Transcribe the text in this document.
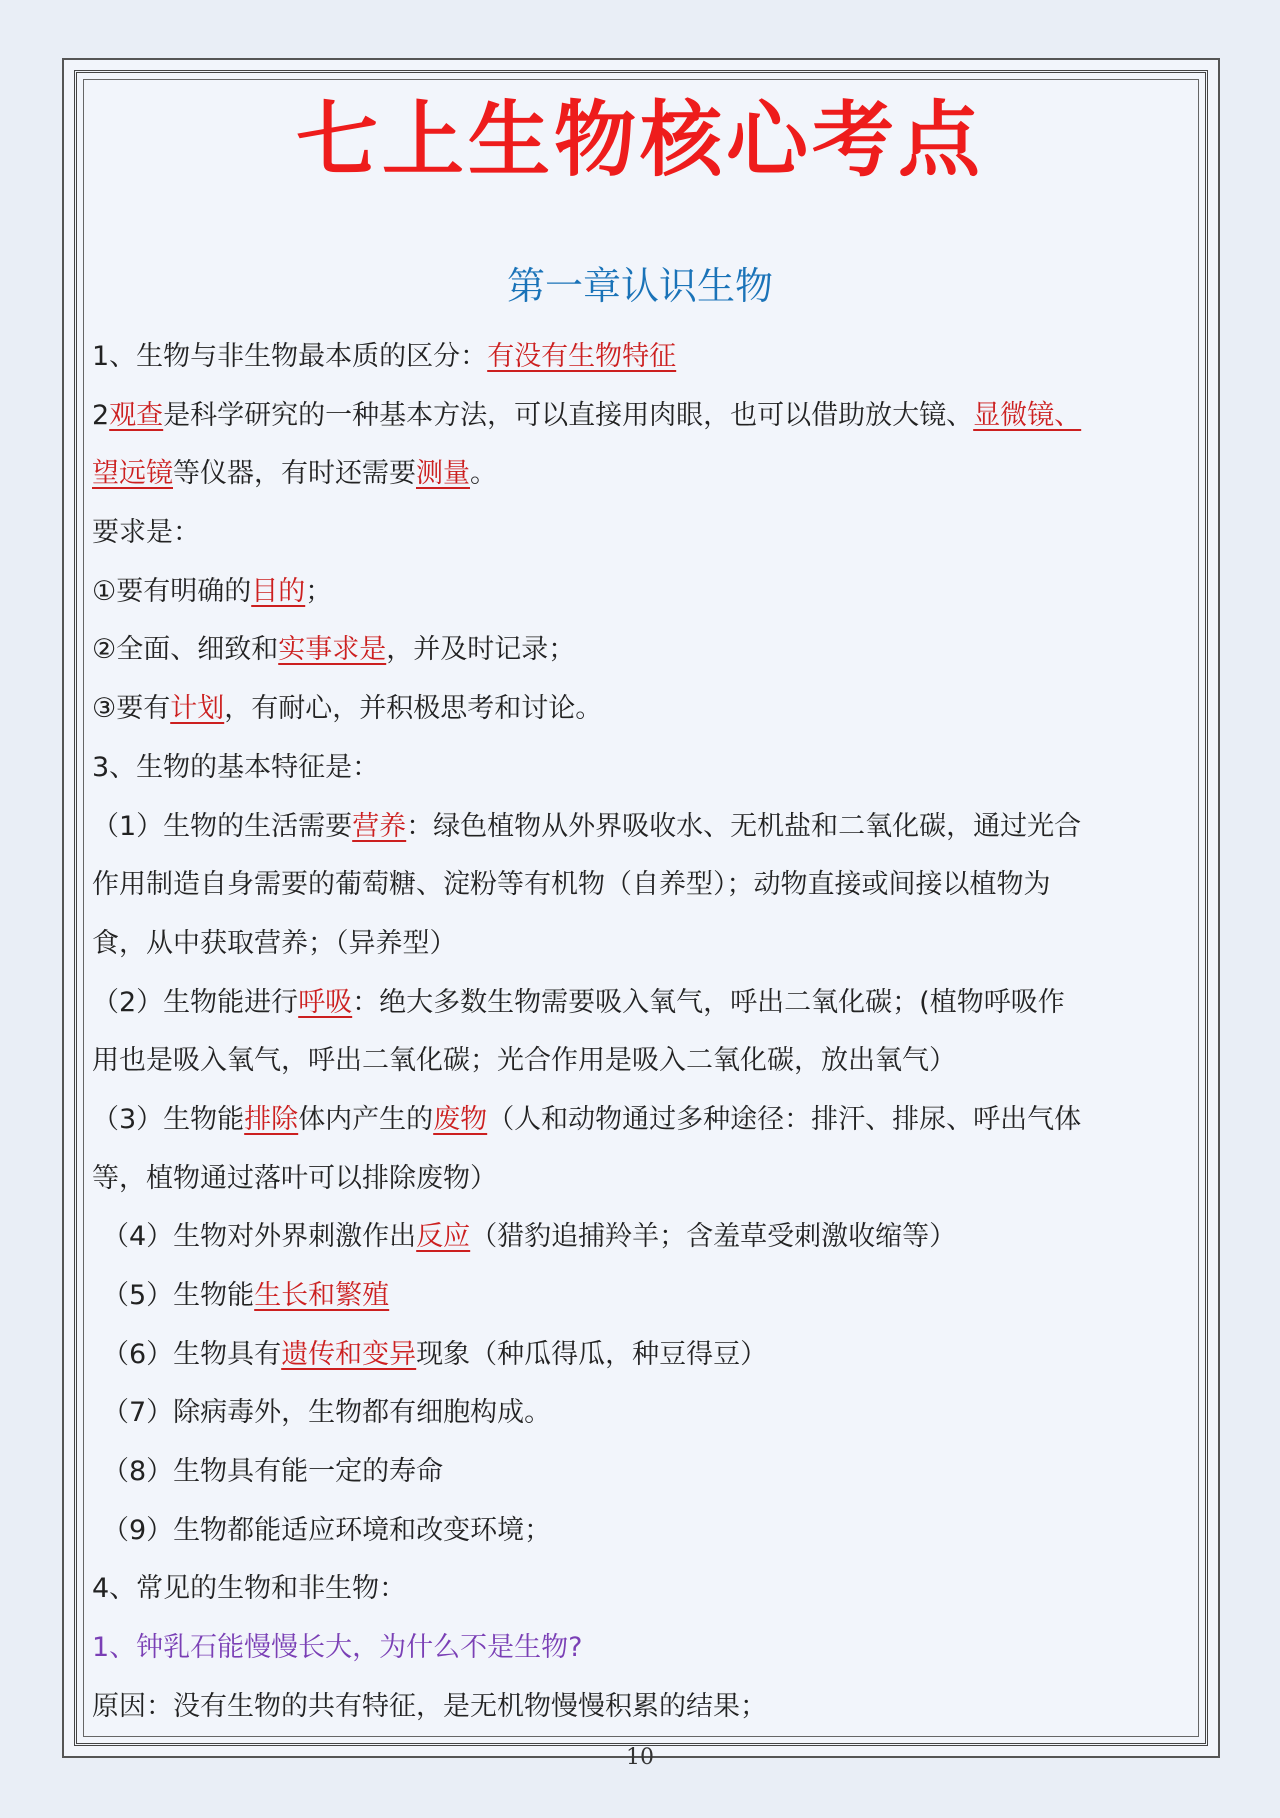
七上生物核心考点
第一章认识生物
1、生物与非生物最本质的区分：有没有生物特征
2观查是科学研究的一种基本方法，可以直接用肉眼，也可以借助放大镜、显微镜、
望远镜等仪器，有时还需要测量。
要求是：
①要有明确的目的；
②全面、细致和实事求是，并及时记录；
③要有计划，有耐心，并积极思考和讨论。
3、生物的基本特征是：
（1）生物的生活需要营养：绿色植物从外界吸收水、无机盐和二氧化碳，通过光合
作用制造自身需要的葡萄糖、淀粉等有机物（自养型）；动物直接或间接以植物为
食，从中获取营养；（异养型）
（2）生物能进行呼吸：绝大多数生物需要吸入氧气，呼出二氧化碳；(植物呼吸作
用也是吸入氧气，呼出二氧化碳；光合作用是吸入二氧化碳，放出氧气）
（3）生物能排除体内产生的废物（人和动物通过多种途径：排汗、排尿、呼出气体
等，植物通过落叶可以排除废物）
（4）生物对外界刺激作出反应（猎豹追捕羚羊；含羞草受刺激收缩等）
（5）生物能生长和繁殖
（6）生物具有遗传和变异现象（种瓜得瓜，种豆得豆）
（7）除病毒外，生物都有细胞构成。
（8）生物具有能一定的寿命
（9）生物都能适应环境和改变环境；
4、常见的生物和非生物：
1、钟乳石能慢慢长大，为什么不是生物?
原因：没有生物的共有特征，是无机物慢慢积累的结果；
10
